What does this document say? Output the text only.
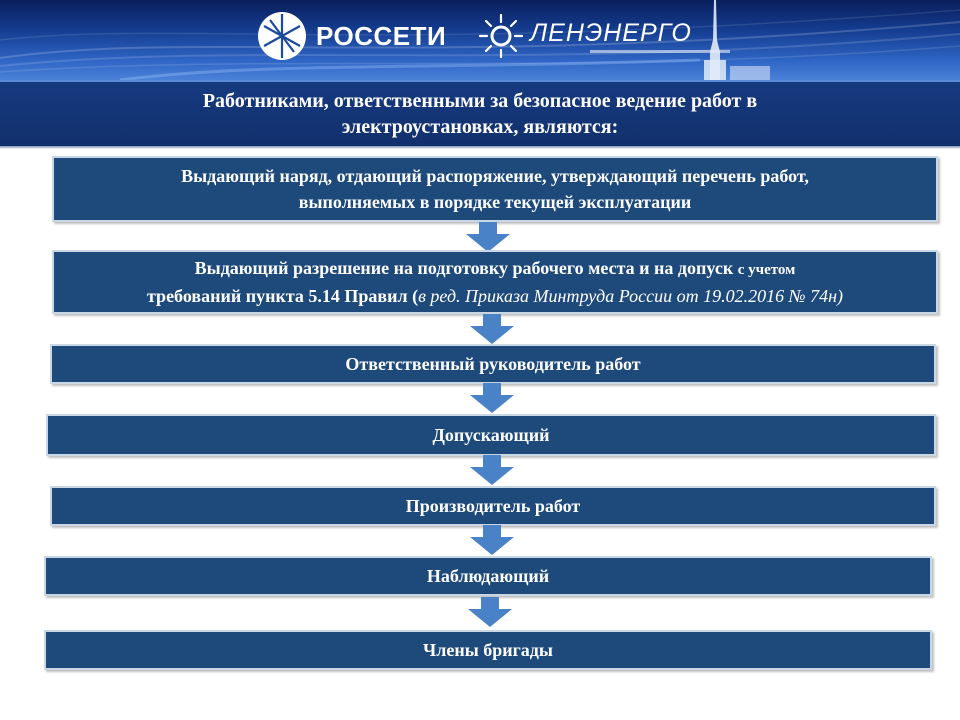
РОССЕТИ	ЛЕНЭНЕРГО
Работниками, ответственными за безопасное ведение работ в
электроустановках, являются:
Выдающий наряд, отдающий распоряжение, утверждающий перечень работ,
выполняемых в порядке текущей эксплуатации
Выдающий разрешение на подготовку рабочего места и на допуск с учетом
требований пункта 5.14 Правил (в ред. Приказа Минтруда России от 19.02.2016 № 74н)
Ответственный руководитель работ
Допускающий
Производитель работ
Наблюдающий
Члены бригады
